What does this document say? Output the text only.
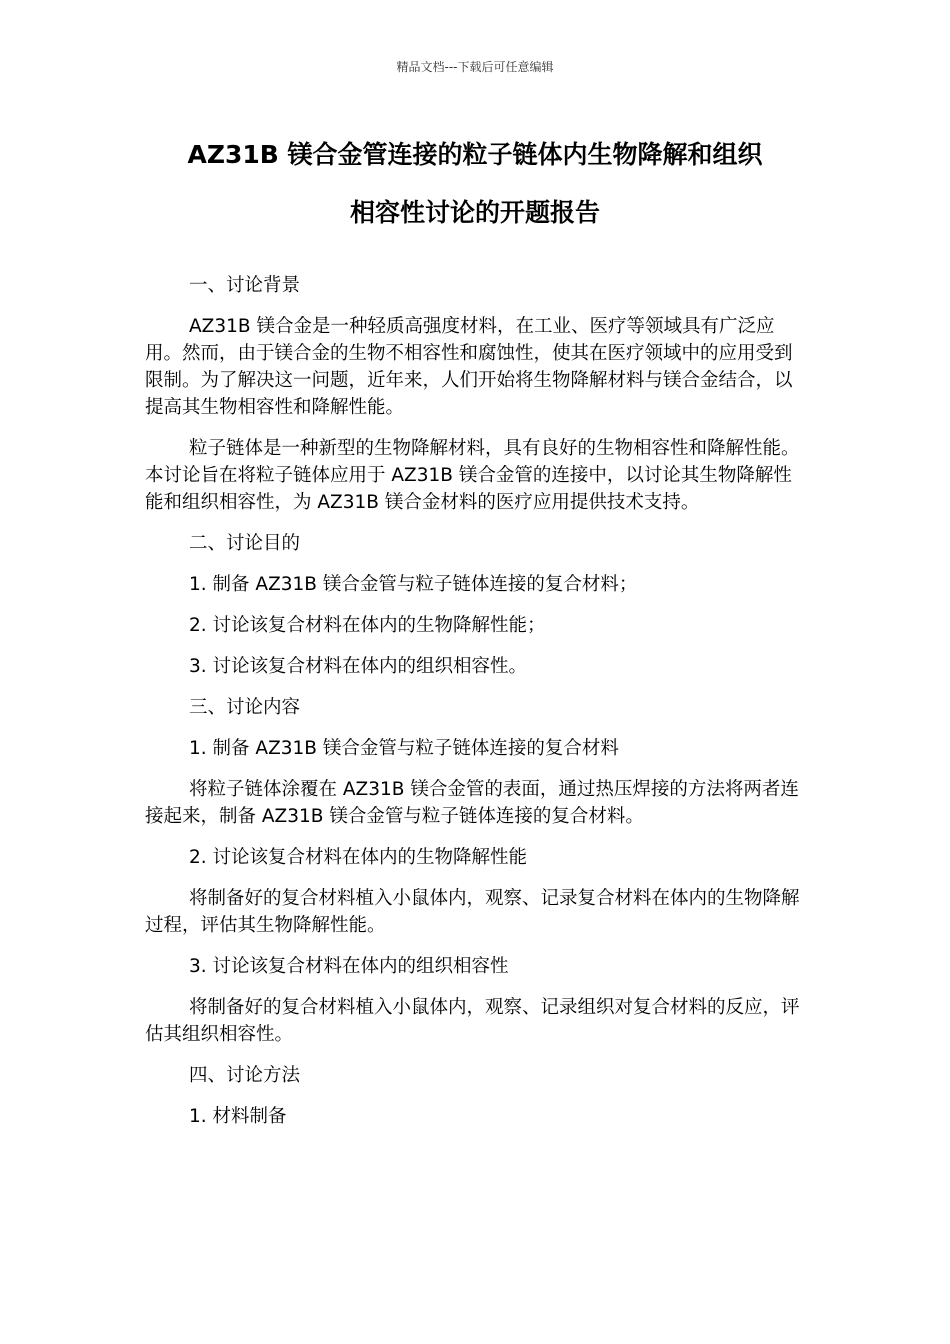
精品文档---下载后可任意编辑
AZ31B 镁合金管连接的粒子链体内生物降解和组织
相容性讨论的开题报告

一、讨论背景

AZ31B 镁合金是一种轻质高强度材料，在工业、医疗等领域具有广泛应用。然而，由于镁合金的生物不相容性和腐蚀性，使其在医疗领域中的应用受到限制。为了解决这一问题，近年来，人们开始将生物降解材料与镁合金结合，以提高其生物相容性和降解性能。

粒子链体是一种新型的生物降解材料，具有良好的生物相容性和降解性能。本讨论旨在将粒子链体应用于 AZ31B 镁合金管的连接中，以讨论其生物降解性能和组织相容性，为 AZ31B 镁合金材料的医疗应用提供技术支持。

二、讨论目的

1. 制备 AZ31B 镁合金管与粒子链体连接的复合材料；

2. 讨论该复合材料在体内的生物降解性能；

3. 讨论该复合材料在体内的组织相容性。

三、讨论内容

1. 制备 AZ31B 镁合金管与粒子链体连接的复合材料

将粒子链体涂覆在 AZ31B 镁合金管的表面，通过热压焊接的方法将两者连接起来，制备 AZ31B 镁合金管与粒子链体连接的复合材料。

2. 讨论该复合材料在体内的生物降解性能

将制备好的复合材料植入小鼠体内，观察、记录复合材料在体内的生物降解过程，评估其生物降解性能。

3. 讨论该复合材料在体内的组织相容性

将制备好的复合材料植入小鼠体内，观察、记录组织对复合材料的反应，评估其组织相容性。

四、讨论方法

1. 材料制备
